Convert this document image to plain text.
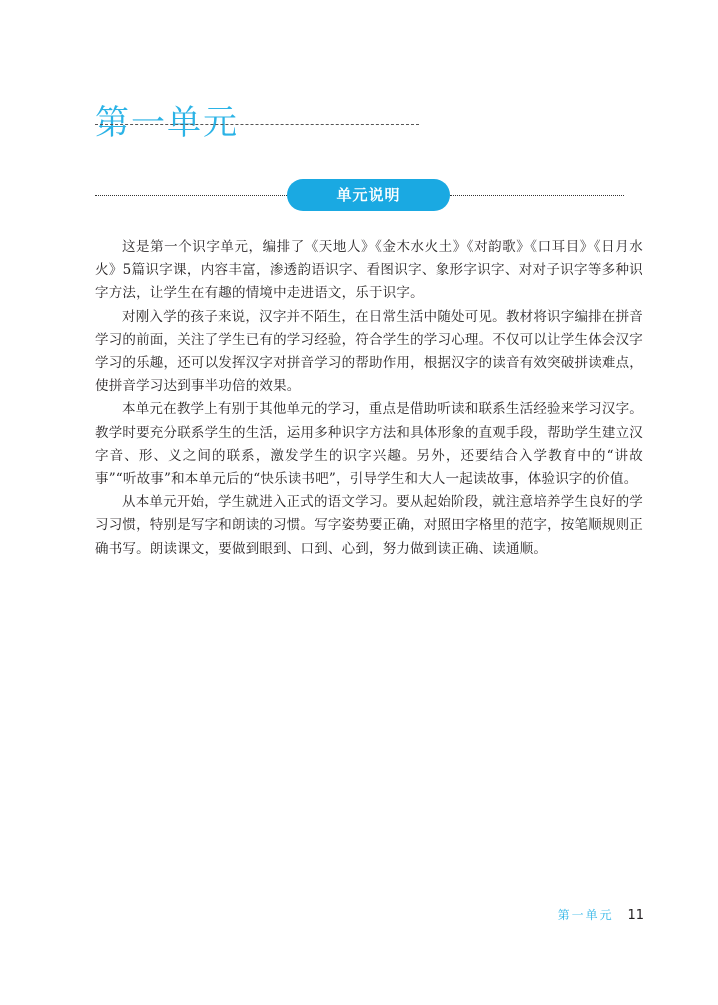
第一单元
单元说明

这是第一个识字单元，编排了《天地人》《金木水火土》《对韵歌》《口耳目》《日月水火》5篇识字课，内容丰富，渗透韵语识字、看图识字、象形字识字、对对子识字等多种识字方法，让学生在有趣的情境中走进语文，乐于识字。

对刚入学的孩子来说，汉字并不陌生，在日常生活中随处可见。教材将识字编排在拼音学习的前面，关注了学生已有的学习经验，符合学生的学习心理。不仅可以让学生体会汉字学习的乐趣，还可以发挥汉字对拼音学习的帮助作用，根据汉字的读音有效突破拼读难点，使拼音学习达到事半功倍的效果。

本单元在教学上有别于其他单元的学习，重点是借助听读和联系生活经验来学习汉字。教学时要充分联系学生的生活，运用多种识字方法和具体形象的直观手段，帮助学生建立汉字音、形、义之间的联系，激发学生的识字兴趣。另外，还要结合入学教育中的“讲故事”“听故事”和本单元后的“快乐读书吧”，引导学生和大人一起读故事，体验识字的价值。

从本单元开始，学生就进入正式的语文学习。要从起始阶段，就注意培养学生良好的学习习惯，特别是写字和朗读的习惯。写字姿势要正确，对照田字格里的范字，按笔顺规则正确书写。朗读课文，要做到眼到、口到、心到，努力做到读正确、读通顺。

第一单元 11
